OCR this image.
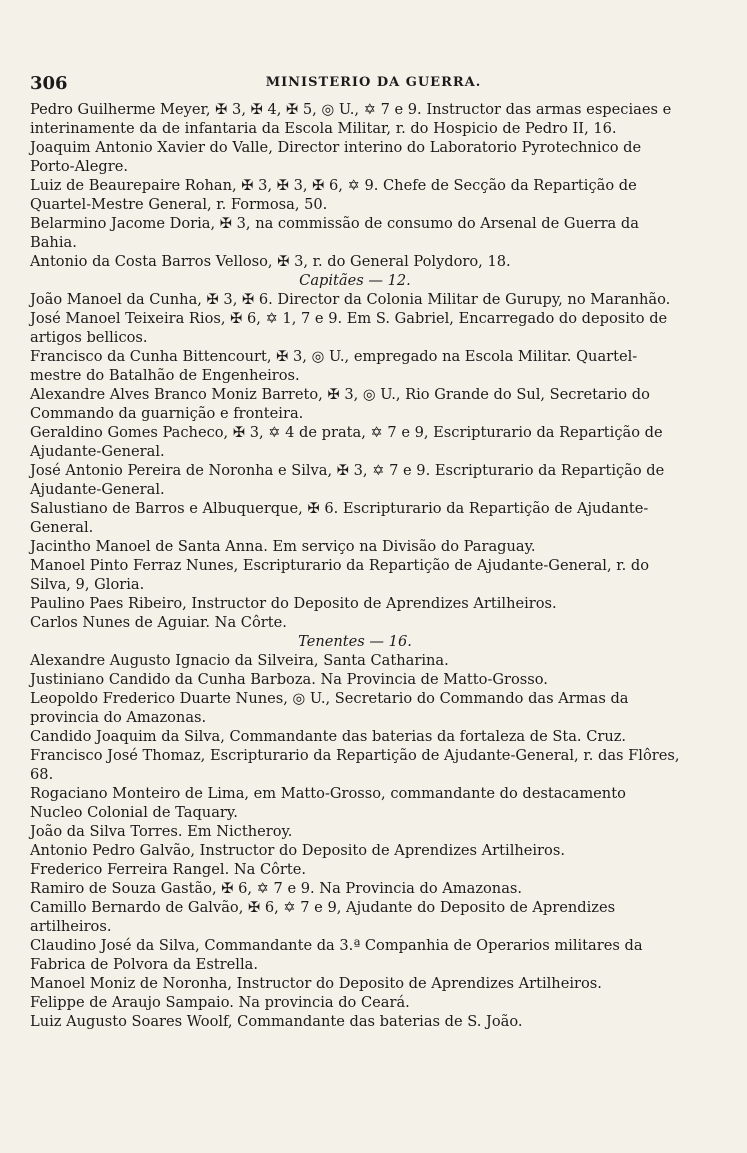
306	MINISTERIO DA GUERRA.
Pedro Guilherme Meyer, ✠ 3, ✠ 4, ✠ 5, ◎ U., ✡ 7 e 9. Instructor das armas especiaes e interinamente da de infantaria da Escola Militar, r. do Hospicio de Pedro II, 16.
Joaquim Antonio Xavier do Valle, Director interino do Laboratorio Pyrotechnico de Porto-Alegre.
Luiz de Beaurepaire Rohan, ✠ 3, ✠ 3, ✠ 6, ✡ 9. Chefe de Secção da Repartição de Quartel-Mestre General, r. Formosa, 50.
Belarmino Jacome Doria, ✠ 3, na commissão de consumo do Arsenal de Guerra da Bahia.
Antonio da Costa Barros Velloso, ✠ 3, r. do General Polydoro, 18.
Capitães — 12.
João Manoel da Cunha, ✠ 3, ✠ 6. Director da Colonia Militar de Gurupy, no Maranhão.
José Manoel Teixeira Rios, ✠ 6, ✡ 1, 7 e 9. Em S. Gabriel, Encarregado do deposito de artigos bellicos.
Francisco da Cunha Bittencourt, ✠ 3, ◎ U., empregado na Escola Militar. Quartel-mestre do Batalhão de Engenheiros.
Alexandre Alves Branco Moniz Barreto, ✠ 3, ◎ U., Rio Grande do Sul, Secretario do Commando da guarnição e fronteira.
Geraldino Gomes Pacheco, ✠ 3, ✡ 4 de prata, ✡ 7 e 9, Escripturario da Repartição de Ajudante-General.
José Antonio Pereira de Noronha e Silva, ✠ 3, ✡ 7 e 9. Escripturario da Repartição de Ajudante-General.
Salustiano de Barros e Albuquerque, ✠ 6. Escripturario da Repartição de Ajudante-General.
Jacintho Manoel de Santa Anna. Em serviço na Divisão do Paraguay.
Manoel Pinto Ferraz Nunes, Escripturario da Repartição de Ajudante-General, r. do Silva, 9, Gloria.
Paulino Paes Ribeiro, Instructor do Deposito de Aprendizes Artilheiros.
Carlos Nunes de Aguiar. Na Côrte.
Tenentes — 16.
Alexandre Augusto Ignacio da Silveira, Santa Catharina.
Justiniano Candido da Cunha Barboza. Na Provincia de Matto-Grosso.
Leopoldo Frederico Duarte Nunes, ◎ U., Secretario do Commando das Armas da provincia do Amazonas.
Candido Joaquim da Silva, Commandante das baterias da fortaleza de Sta. Cruz.
Francisco José Thomaz, Escripturario da Repartição de Ajudante-General, r. das Flôres, 68.
Rogaciano Monteiro de Lima, em Matto-Grosso, commandante do destacamento Nucleo Colonial de Taquary.
João da Silva Torres. Em Nictheroy.
Antonio Pedro Galvão, Instructor do Deposito de Aprendizes Artilheiros.
Frederico Ferreira Rangel. Na Côrte.
Ramiro de Souza Gastão, ✠ 6, ✡ 7 e 9. Na Provincia do Amazonas.
Camillo Bernardo de Galvão, ✠ 6, ✡ 7 e 9, Ajudante do Deposito de Aprendizes artilheiros.
Claudino José da Silva, Commandante da 3.ª Companhia de Operarios militares da Fabrica de Polvora da Estrella.
Manoel Moniz de Noronha, Instructor do Deposito de Aprendizes Artilheiros.
Felippe de Araujo Sampaio. Na provincia do Ceará.
Luiz Augusto Soares Woolf, Commandante das baterias de S. João.
